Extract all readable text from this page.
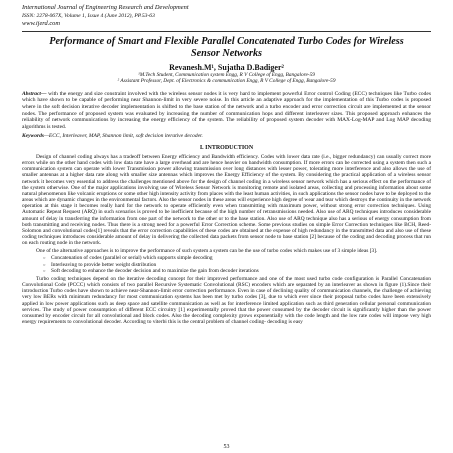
International Journal of Engineering Research and Development
ISSN: 2278-067X, Volume 1, Issue 4 (June 2012), PP.53-63
www.ijerd.com
Performance of Smart and Flexible Parallel Concatenated Turbo Codes for Wireless Sensor Networks
Revanesh.M¹, Sujatha D.Badiger²
¹M.Tech Student, Communication system Engg, R V College of Engg, Bangalore-59
² Assistant Professor, Dept. of Electronics & communication Engg, R V College of Engg, Bangalore-59
Abstract— with the energy and size constraint involved with the wireless sensor nodes it is very hard to implement powerful Error control Coding (ECC) techniques like Turbo codes which have shown to be capable of performing near Shannon-limit in very severe noise. In this article an adaptive approach for the implementation of this Turbo codes is proposed where in the soft decision iterative decoder implementation is shifted to the base station of the network and a turbo encoder and error correction circuit are implemented at the sensor nodes. The performance of proposed system was evaluated by increasing the number of communication hops and different interleaver sizes. This proposed approach enhances the reliability of network communications by increasing the energy efficiency of the system. The reliability of proposed system decoder with MAX-Log-MAP and Log MAP decoding algorithms is tested.
Keywords—ECC, Interleaver, MAP, Shannon limit, soft decision iterative decoder.
I. INTRODUCTION
Design of channel coding always has a tradeoff between Energy efficiency and Bandwidth efficiency. Codes with lower data rate (i.e., bigger redundancy) can usually correct more errors while on the other hand codes with low data rate have a large overhead and are hence heavier on bandwidth consumption. If more errors can be corrected using a system then such a communication system can operate with lower Transmission power allowing transmission over long distances with lesser power, tolerating more interference and also allows the use of smaller antennas at a higher data rate along with smaller size antennas which improves the Energy Efficiency of the system. By considering the practical application of a wireless sensor network it becomes very essential to address the challenges mentioned above for the design of channel coding in a wireless sensor network which has a serious effect on the performance of the system otherwise. One of the major applications involving use of Wireless Sensor Network is monitoring remote and isolated areas, collecting and processing information about some natural phenomenon like volcanic eruptions or some other high intensity activity from places with the least human activities, in such applications the sensor nodes have to be deployed to the areas which are dynamic changes in the environmental factors. Also the sensor nodes in these areas will experience high degree of wear and tear which destroys the continuity in the network operation at this stage it becomes really hard for the network to operate efficiently even when transmitting with maximum power, without strong error correction techniques. Using Automatic Repeat Request (ARQ) in such scenarios is proved to be inefficient because of the high number of retransmissions needed. Also use of ARQ techniques introduces considerable amount of delay in transferring the information from one part of the network to the other or to the base station. Also use of ARQ technique also has a serious of energy consumption from both transmitting and receiving nodes. Thus there is a strong need for a powerful Error Correction scheme. Some previous studies on simple Error Correction techniques like BCH, Reed-Solomon and convolutional codes[1] reveals that the error correction capabilities of these codes are obtained at the expense of high redundancy in the transmitted data and also use of these coding techniques introduces considerable amount of delay in delivering the collected data packets from sensor node to base station [2] because of the coding and decoding process that run on each routing node in the network.
One of the alternative approaches is to improve the performance of such system a system can be the use of turbo codes which makes use of 3 simple ideas [3].
○ Concatenation of codes (parallel or serial) which supports simple decoding
○ Interleaving to provide better weight distribution
○ Soft decoding to enhance the decoder decision and to maximize the gain from decoder iterations
Turbo coding techniques depend on the iterative decoding concept for their improved performance and one of the most used turbo code configuration is Parallel Concatenation Convolutional Code (PCCC) which consists of two parallel Recursive Systematic Convolutional (RSC) encoders which are separated by an interleaver as shown in figure (1).Since their introduction Turbo codes have shown to achieve near-Shannon-limit error correction performance. Even in case of declining quality of communication channels, the challenge of achieving very low BERs with minimum redundancy for most communication systems has been met by turbo codes [3], due to which ever since their proposal turbo codes have been extensively applied in low power applications such as deep space and satellite communication as well as for interference limited application such as third generation cellular personal communication services. The study of power consumption of different ECC circuitry [1] experimentally proved that the power consumed by the decoder circuit is significantly higher than the power consumed by encoder circuit for all convolutional and block codes. Also the decoding complexity grows exponentially with the code length and the low rate codes will impose very high energy requirements to convolutional decoder. According to viterbi this is the central problem of channel coding- decoding is easy
53
